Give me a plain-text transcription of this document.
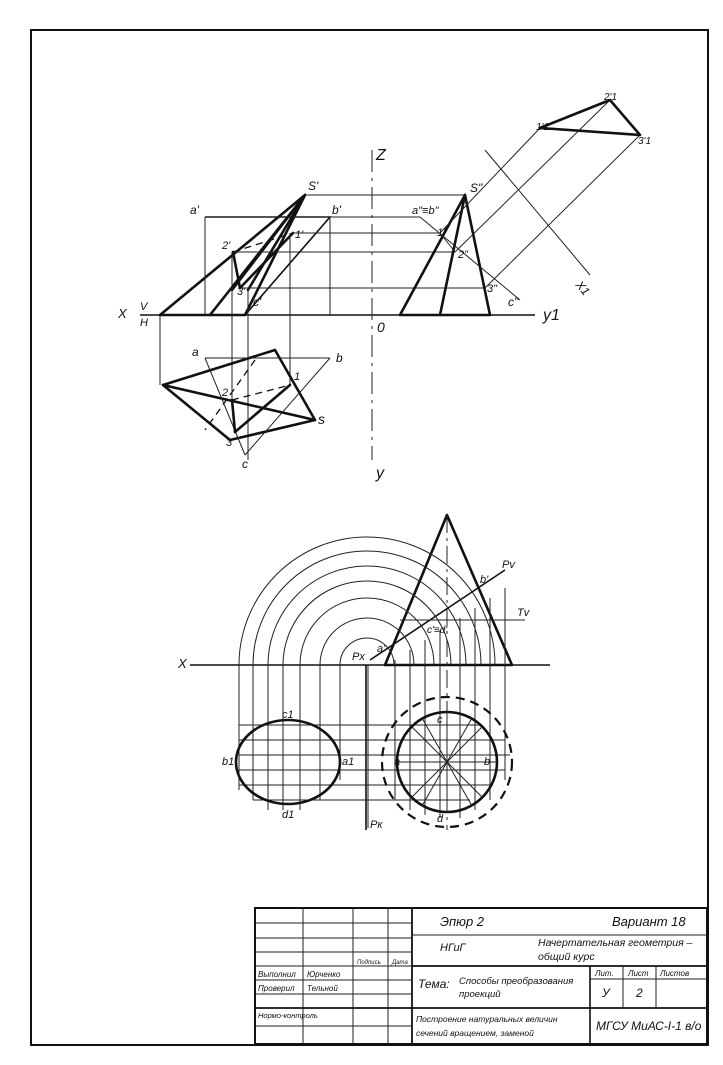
X V
H
Z
y
y1
0
X1
S'
a'	b'
c'
2'
1'
3'
a	b
c
s
1
2
3
S"
a"≡b"
c"
1"
2"
3"
1'1
2'1
3'1
X	Px
Pv
Pк
Tv
a'
b'
c'≡d'
a	b
c
d
a1
b1
c1
d1
Эпюр 2	Вариант 18
НГиГ	Начертательная геометрия – общий курс
Подпись Дата
Выполнил Юрченко
Проверил Тельной
Нормо-контроль
Тема: Способы преобразования проекций
Лит. Лист Листов
У 2
Построение натуральных величин сечений вращением, заменой	МГСУ МиАС-I-1 в/о
